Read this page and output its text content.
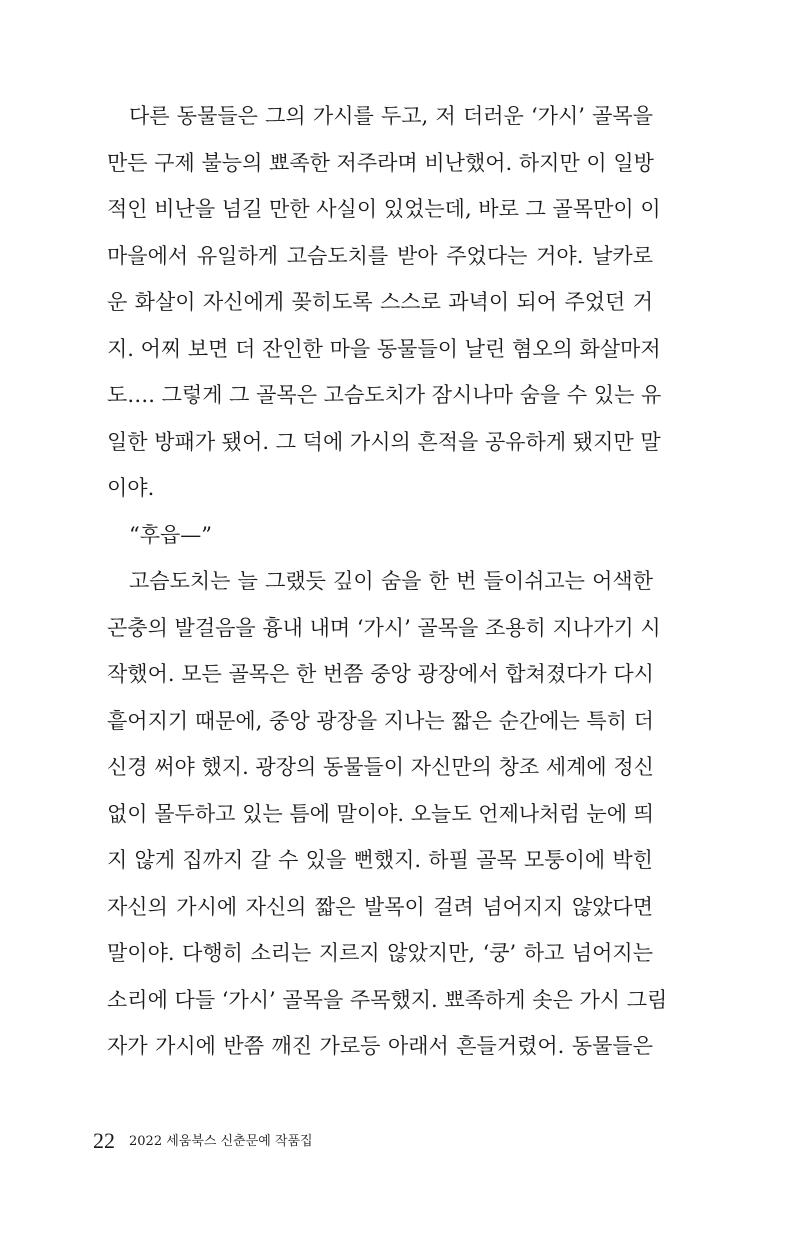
다른 동물들은 그의 가시를 두고, 저 더러운 ‘가시’ 골목을
만든 구제 불능의 뾰족한 저주라며 비난했어. 하지만 이 일방
적인 비난을 넘길 만한 사실이 있었는데, 바로 그 골목만이 이
마을에서 유일하게 고슴도치를 받아 주었다는 거야. 날카로
운 화살이 자신에게 꽂히도록 스스로 과녁이 되어 주었던 거
지. 어찌 보면 더 잔인한 마을 동물들이 날린 혐오의 화살마저
도…. 그렇게 그 골목은 고슴도치가 잠시나마 숨을 수 있는 유
일한 방패가 됐어. 그 덕에 가시의 흔적을 공유하게 됐지만 말
이야.
“후읍—”
고슴도치는 늘 그랬듯 깊이 숨을 한 번 들이쉬고는 어색한
곤충의 발걸음을 흉내 내며 ‘가시’ 골목을 조용히 지나가기 시
작했어. 모든 골목은 한 번쯤 중앙 광장에서 합쳐졌다가 다시
흩어지기 때문에, 중앙 광장을 지나는 짧은 순간에는 특히 더
신경 써야 했지. 광장의 동물들이 자신만의 창조 세계에 정신
없이 몰두하고 있는 틈에 말이야. 오늘도 언제나처럼 눈에 띄
지 않게 집까지 갈 수 있을 뻔했지. 하필 골목 모퉁이에 박힌
자신의 가시에 자신의 짧은 발목이 걸려 넘어지지 않았다면
말이야. 다행히 소리는 지르지 않았지만, ‘쿵’ 하고 넘어지는
소리에 다들 ‘가시’ 골목을 주목했지. 뾰족하게 솟은 가시 그림
자가 가시에 반쯤 깨진 가로등 아래서 흔들거렸어. 동물들은
22 2022 세움북스 신춘문예 작품집
